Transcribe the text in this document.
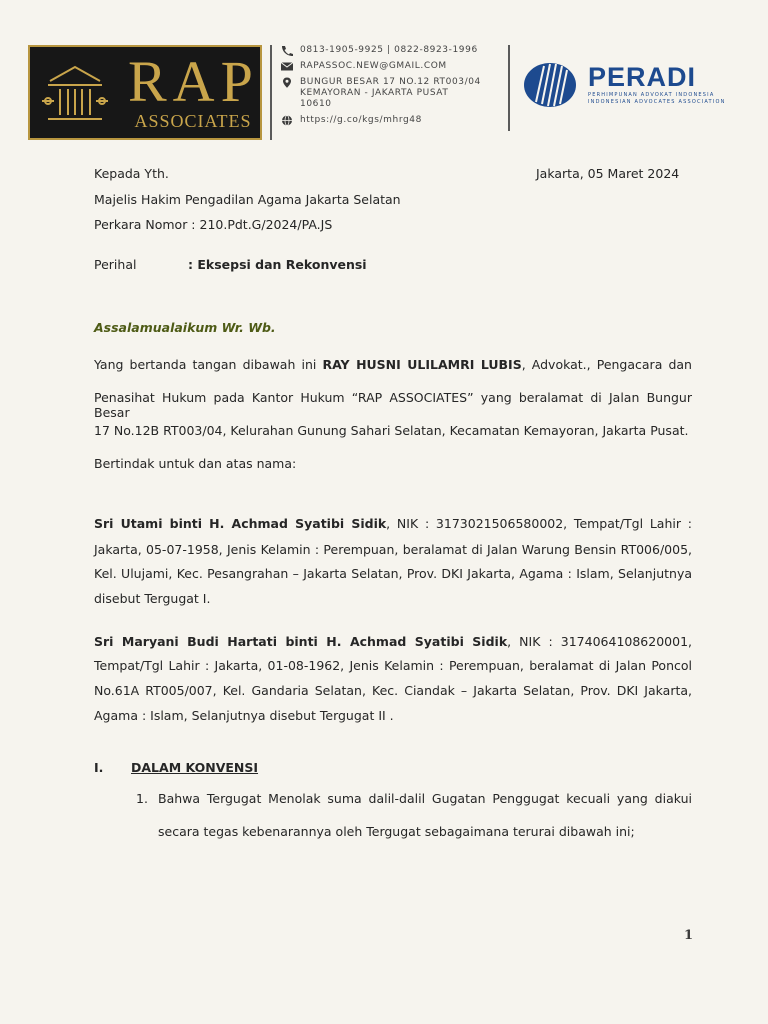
RAP
ASSOCIATES
0813-1905-9925 | 0822-8923-1996
RAPASSOC.NEW@GMAIL.COM
BUNGUR BESAR 17 NO.12 RT003/04
KEMAYORAN - JAKARTA PUSAT
10610
https://g.co/kgs/mhrg48
PERADI
PERHIMPUNAN ADVOKAT INDONESIA
INDONESIAN ADVOCATES ASSOCIATION
Kepada Yth.	Jakarta, 05 Maret 2024
Majelis Hakim Pengadilan Agama Jakarta Selatan
Perkara Nomor : 210.Pdt.G/2024/PA.JS
Perihal	: Eksepsi dan Rekonvensi
Assalamualaikum Wr. Wb.
Yang bertanda tangan dibawah ini RAY HUSNI ULILAMRI LUBIS, Advokat., Pengacara dan
Penasihat Hukum pada Kantor Hukum “RAP ASSOCIATES” yang beralamat di Jalan Bungur Besar
17 No.12B RT003/04, Kelurahan Gunung Sahari Selatan, Kecamatan Kemayoran, Jakarta Pusat.
Bertindak untuk dan atas nama:
Sri Utami binti H. Achmad Syatibi Sidik, NIK : 3173021506580002, Tempat/Tgl Lahir :
Jakarta, 05-07-1958, Jenis Kelamin : Perempuan, beralamat di Jalan Warung Bensin RT006/005,
Kel. Ulujami, Kec. Pesangrahan – Jakarta Selatan, Prov. DKI Jakarta, Agama : Islam, Selanjutnya
disebut Tergugat I.
Sri Maryani Budi Hartati binti H. Achmad Syatibi Sidik, NIK : 3174064108620001,
Tempat/Tgl Lahir : Jakarta, 01-08-1962, Jenis Kelamin : Perempuan, beralamat di Jalan Poncol
No.61A RT005/007, Kel. Gandaria Selatan, Kec. Ciandak – Jakarta Selatan, Prov. DKI Jakarta,
Agama : Islam, Selanjutnya disebut Tergugat II .
I. DALAM KONVENSI
1. Bahwa Tergugat Menolak suma dalil-dalil Gugatan Penggugat kecuali yang diakui
secara tegas kebenarannya oleh Tergugat sebagaimana terurai dibawah ini;
1
